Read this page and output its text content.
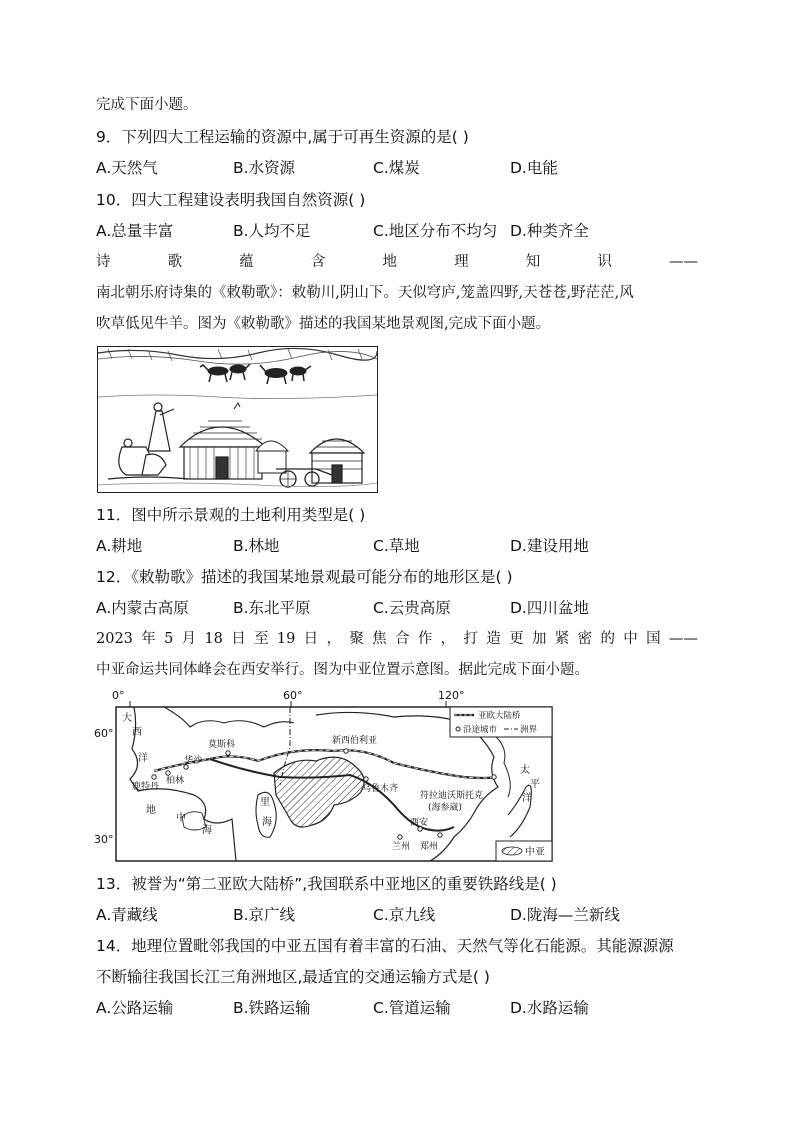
完成下面小题。
9．下列四大工程运输的资源中,属于可再生资源的是( )
A.天然气	B.水资源	C.煤炭	D.电能
10．四大工程建设表明我国自然资源( )
A.总量丰富	B.人均不足	C.地区分布不均匀 D.种类齐全
诗	歌	蕴	含	地	理	知	识	——
南北朝乐府诗集的《敕勒歌》：敕勒川,阴山下。天似穹庐,笼盖四野,天苍苍,野茫茫,风
吹草低见牛羊。图为《敕勒歌》描述的我国某地景观图,完成下面小题。
11．图中所示景观的土地利用类型是( )
A.耕地	B.林地	C.草地	D.建设用地
12．《敕勒歌》描述的我国某地景观最可能分布的地形区是( )
A.内蒙古高原	B.东北平原	C.云贵高原	D.四川盆地
2023 年 5 月 18 日 至 19 日 ， 聚 焦 合 作 ， 打 造 更 加 紧 密 的 中 国 ——
中亚命运共同体峰会在西安举行。图为中亚位置示意图。据此完成下面小题。
0°	60°	120°
60°
30°
莫斯科
华沙
柏林
鹿特丹
新西伯利亚
乌鲁木齐
符拉迪沃斯托克
(海参崴)
西安
兰州 郑州
大
西
洋
太
平
洋
地
中
海
里
海
亚欧大陆桥
沿途城市	洲界
中亚
13．被誉为“第二亚欧大陆桥”,我国联系中亚地区的重要铁路线是( )
A.青藏线	B.京广线	C.京九线	D.陇海—兰新线
14．地理位置毗邻我国的中亚五国有着丰富的石油、天然气等化石能源。其能源源源
不断输往我国长江三角洲地区,最适宜的交通运输方式是( )
A.公路运输	B.铁路运输	C.管道运输	D.水路运输
